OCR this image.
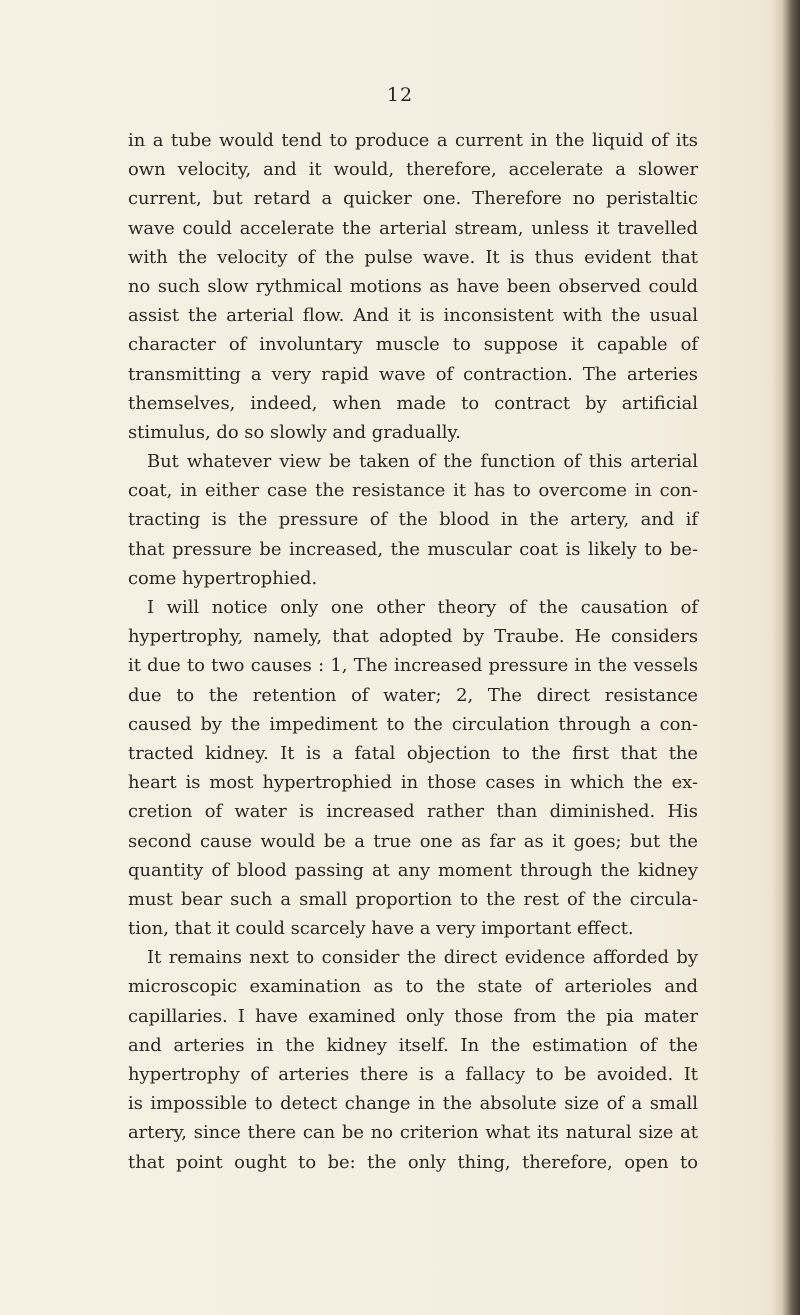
12
in a tube would tend to produce a current in the liquid of its
own velocity, and it would, therefore, accelerate a slower
current, but retard a quicker one. Therefore no peristaltic
wave could accelerate the arterial stream, unless it travelled
with the velocity of the pulse wave. It is thus evident that
no such slow rythmical motions as have been observed could
assist the arterial flow. And it is inconsistent with the usual
character of involuntary muscle to suppose it capable of
transmitting a very rapid wave of contraction. The arteries
themselves, indeed, when made to contract by artificial
stimulus, do so slowly and gradually.
But whatever view be taken of the function of this arterial
coat, in either case the resistance it has to overcome in con-
tracting is the pressure of the blood in the artery, and if
that pressure be increased, the muscular coat is likely to be-
come hypertrophied.
I will notice only one other theory of the causation of
hypertrophy, namely, that adopted by Traube. He considers
it due to two causes : 1, The increased pressure in the vessels
due to the retention of water; 2, The direct resistance
caused by the impediment to the circulation through a con-
tracted kidney. It is a fatal objection to the first that the
heart is most hypertrophied in those cases in which the ex-
cretion of water is increased rather than diminished. His
second cause would be a true one as far as it goes; but the
quantity of blood passing at any moment through the kidney
must bear such a small proportion to the rest of the circula-
tion, that it could scarcely have a very important effect.
It remains next to consider the direct evidence afforded by
microscopic examination as to the state of arterioles and
capillaries. I have examined only those from the pia mater
and arteries in the kidney itself. In the estimation of the
hypertrophy of arteries there is a fallacy to be avoided. It
is impossible to detect change in the absolute size of a small
artery, since there can be no criterion what its natural size at
that point ought to be: the only thing, therefore, open to
